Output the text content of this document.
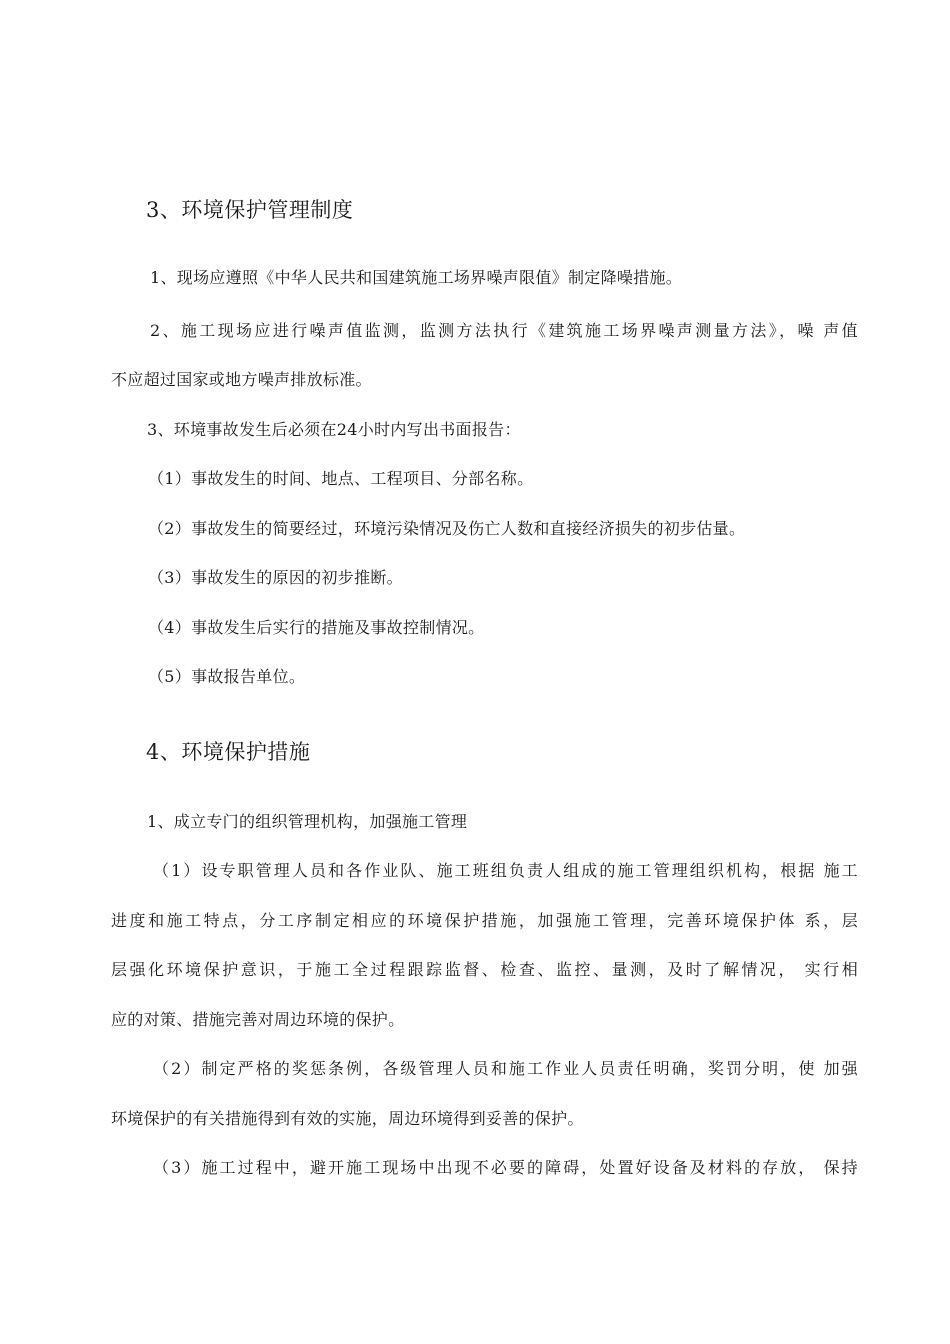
3、环境保护管理制度

1、现场应遵照《中华人民共和国建筑施工场界噪声限值》制定降噪措施。

2、施工现场应进行噪声值监测，监测方法执行《建筑施工场界噪声测量方法》，噪 声值

不应超过国家或地方噪声排放标准。

3、环境事故发生后必须在24小时内写出书面报告：

（1）事故发生的时间、地点、工程项目、分部名称。

（2）事故发生的简要经过，环境污染情况及伤亡人数和直接经济损失的初步估量。

（3）事故发生的原因的初步推断。

（4）事故发生后实行的措施及事故控制情况。

（5）事故报告单位。

4、环境保护措施

1、成立专门的组织管理机构，加强施工管理

（1）设专职管理人员和各作业队、施工班组负责人组成的施工管理组织机构，根据 施工

进度和施工特点，分工序制定相应的环境保护措施，加强施工管理，完善环境保护体 系，层

层强化环境保护意识，于施工全过程跟踪监督、检查、监控、量测，及时了解情况， 实行相

应的对策、措施完善对周边环境的保护。

（2）制定严格的奖惩条例，各级管理人员和施工作业人员责任明确，奖罚分明，使 加强

环境保护的有关措施得到有效的实施，周边环境得到妥善的保护。

（3）施工过程中，避开施工现场中出现不必要的障碍，处置好设备及材料的存放， 保持
